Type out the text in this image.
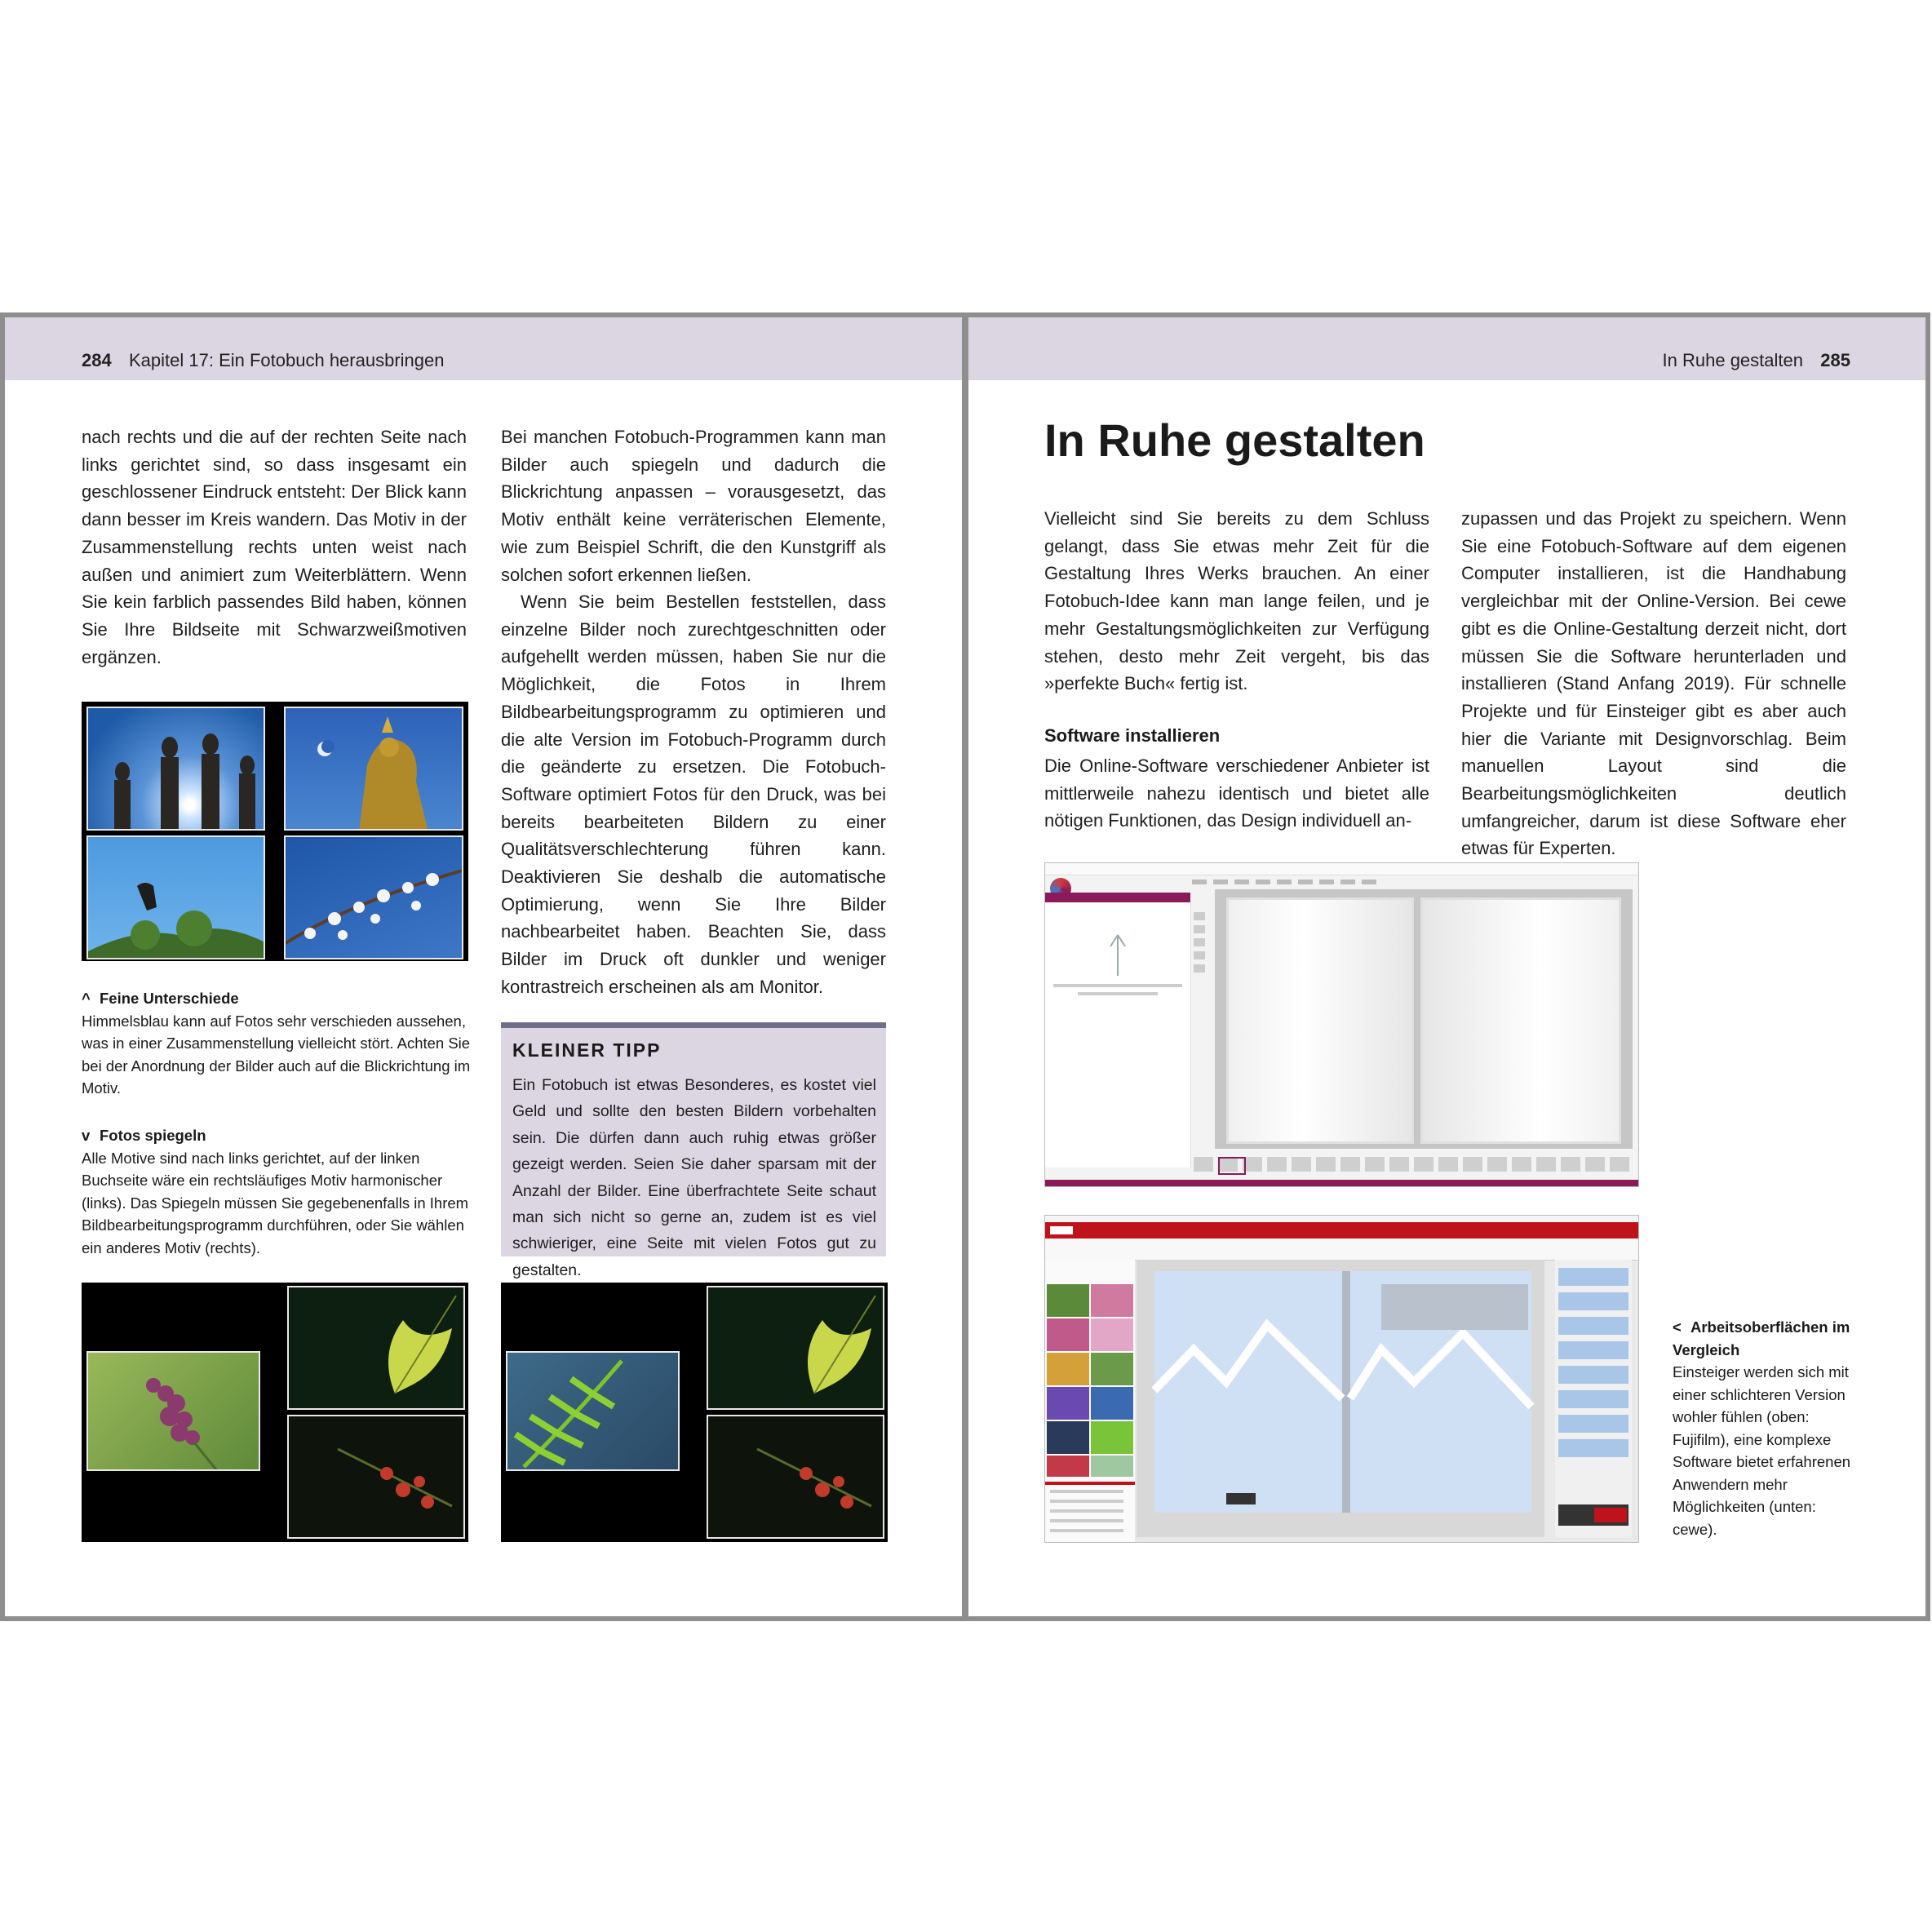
284 Kapitel 17: Ein Fotobuch herausbringen

nach rechts und die auf der rechten Seite nach links gerichtet sind, so dass insgesamt ein geschlossener Eindruck entsteht: Der Blick kann dann besser im Kreis wandern. Das Motiv in der Zusammenstellung rechts unten weist nach außen und animiert zum Weiterblättern. Wenn Sie kein farblich passendes Bild haben, können Sie Ihre Bildseite mit Schwarzweißmotiven ergänzen.

^ Feine Unterschiede
Himmelsblau kann auf Fotos sehr verschieden aussehen, was in einer Zusammenstellung vielleicht stört. Achten Sie bei der Anordnung der Bilder auch auf die Blickrichtung im Motiv.
v Fotos spiegeln
Alle Motive sind nach links gerichtet, auf der linken Buchseite wäre ein rechtsläufiges Motiv harmonischer (links). Das Spiegeln müssen Sie gegebenenfalls in Ihrem Bildbearbeitungsprogramm durchführen, oder Sie wählen ein anderes Motiv (rechts).
KLEINER TIPP
Ein Fotobuch ist etwas Besonderes, es kostet viel Geld und sollte den besten Bildern vorbehalten sein. Die dürfen dann auch ruhig etwas größer gezeigt werden. Seien Sie daher sparsam mit der Anzahl der Bilder. Eine überfrachtete Seite schaut man sich nicht so gerne an, zudem ist es viel schwieriger, eine Seite mit vielen Fotos gut zu gestalten.

Bei manchen Fotobuch-Programmen kann man Bilder auch spiegeln und dadurch die Blickrichtung anpassen – vorausgesetzt, das Motiv enthält keine verräterischen Elemente, wie zum Beispiel Schrift, die den Kunstgriff als solchen sofort erkennen ließen.

Wenn Sie beim Bestellen feststellen, dass einzelne Bilder noch zurechtgeschnitten oder aufgehellt werden müssen, haben Sie nur die Möglichkeit, die Fotos in Ihrem Bildbearbeitungsprogramm zu optimieren und die alte Version im Fotobuch-Programm durch die geänderte zu ersetzen. Die Fotobuch-Software optimiert Fotos für den Druck, was bei bereits bearbeiteten Bildern zu einer Qualitätsverschlechterung führen kann. Deaktivieren Sie deshalb die automatische Optimierung, wenn Sie Ihre Bilder nachbearbeitet haben. Beachten Sie, dass Bilder im Druck oft dunkler und weniger kontrastreich erscheinen als am Monitor.

In Ruhe gestalten 285
In Ruhe gestalten

Vielleicht sind Sie bereits zu dem Schluss gelangt, dass Sie etwas mehr Zeit für die Gestaltung Ihres Werks brauchen. An einer Fotobuch-Idee kann man lange feilen, und je mehr Gestaltungsmöglichkeiten zur Verfügung stehen, desto mehr Zeit vergeht, bis das »perfekte Buch« fertig ist.

Software installieren

Die Online-Software verschiedener Anbieter ist mittlerweile nahezu identisch und bietet alle nötigen Funktionen, das Design individuell an-

zupassen und das Projekt zu speichern. Wenn Sie eine Fotobuch-Software auf dem eigenen Computer installieren, ist die Handhabung vergleichbar mit der Online-Version. Bei cewe gibt es die Online-Gestaltung derzeit nicht, dort müssen Sie die Software herunterladen und installieren (Stand Anfang 2019). Für schnelle Projekte und für Einsteiger gibt es aber auch hier die Variante mit Designvorschlag. Beim manuellen Layout sind die Bearbeitungsmöglichkeiten deutlich umfangreicher, darum ist diese Software eher etwas für Experten.

< Arbeitsoberflächen im Vergleich
Einsteiger werden sich mit einer schlichteren Version wohler fühlen (oben: Fujifilm), eine komplexe Software bietet erfahrenen Anwendern mehr Möglichkeiten (unten: cewe).
